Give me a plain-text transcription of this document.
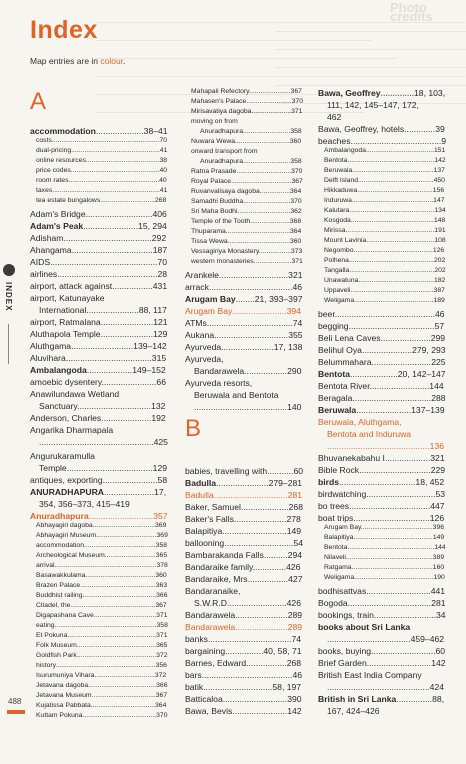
Photo credits
Index
Map entries are in colour.
INDEX
488
A
accommodation....................38–41
costs.........................................................70
dual-pricing...............................................41
online resources.......................................38
price codes...............................................40
room rates................................................40
taxes.........................................................41
tea estate bungalows.............................268
Adam's Bridge............................406
Adam's Peak.......................15, 294
Adisham.....................................292
Ahangama..................................187
AIDS.............................................70
airlines..........................................28
airport, attack against.................431
airport, Katunayake
International......................88, 117
airport, Ratmalana......................121
Aluthapola Temple......................129
Aluthgama..........................139–142
Aluvihara....................................315
Ambalangoda...................149–152
amoebic dysentery.......................66
Anawilundawa Wetland
Sanctuary...............................132
Anderson, Charles.....................192
Angarika Dharmapala
................................................425
Angurukaramulla
Temple....................................129
antiques, exporting.......................58
ANURADHAPURA.....................17,
354, 356–373, 415–419
Anuradhapura...........................357
Abhayagiri dagoba.................................369
Abhayagiri Museum................................369
accommodation......................................358
Archeological Museum...........................365
arrival......................................................378
Basawakkulama.....................................360
Brazen Palace........................................363
Buddhist railing.......................................366
Citadel, the.............................................367
Digapashana Cave.................................371
eating......................................................358
Et Pokuna...............................................371
Folk Museum..........................................365
Goldfish Park..........................................372
history.....................................................356
Isurumuniya Vihara................................372
Jetavana dagoba....................................366
Jetavana Museum..................................367
Kujatissa Pabbata..................................364
Kuttam Pokuna.......................................370
B
Mahapali Refectory......................367
Mahasen's Palace........................370
Mirisavatiya dagoba.....................371
moving on from
Anuradhapura.........................358
Nuwara Wewa.............................360
onward transport from
Anuradhapura.........................358
Ratna Prasade.............................370
Royal Palace................................367
Ruvanvalisaya dagoba................364
Samadhi Buddha.........................370
Sri Maha Bodhi............................362
Temple of the Tooth.....................368
Thuparama..................................364
Tissa Wewa.................................360
Vessagiriya Monastery.................373
western monasteries....................371
Arankele.............................321
arrack...................................46
Arugam Bay........21, 393–397
Arugam Bay.......................394
ATMs....................................74
Aukana...............................355
Ayurveda......................17, 138
Ayurveda,
Bandarawela..................290
Ayurveda resorts,
Beruwala and Bentota
.......................................140
babies, travelling with...........60
Badulla......................279–281
Badulla...............................281
Baker, Samuel....................268
Baker's Falls......................278
Balapitiya...........................149
ballooning.............................54
Bambarakanda Falls..........294
Bandaraike family..............426
Bandaraike, Mrs.................427
Bandaranaike,
S.W.R.D.........................426
Bandarawela......................289
Bandarawela......................289
banks...................................74
bargaining................40, 58, 71
Barnes, Edward.................268
bars......................................46
batik.............................58, 197
Batticaloa...........................390
Bawa, Bevis.......................142
Bawa, Geoffrey..............18, 103,
111, 142, 145–147, 172,
462
Bawa, Geoffrey, hotels.............39
beaches......................................9
Ambalangoda....................................151
Bentota..............................................142
Beruwala...........................................137
Delft Island........................................450
Hikkaduwa........................................156
Induruwa...........................................147
Kalutara.............................................134
Kosgoda............................................148
Mirissa...............................................191
Mount Lavinia....................................108
Negombo..........................................126
Polhena.............................................202
Tangalla.............................................202
Unawatuna........................................182
Uppaveli............................................387
Weligama..........................................189
beer..........................................46
begging....................................57
Beli Lena Caves.....................299
Belihul Oya.....................279, 293
Belummahara.........................225
Bentota....................20, 142–147
Bentota River.........................144
Beragala.................................288
Beruwala.......................137–139
Beruwala, Aluthgama,
Bentota and Induruwa
...........................................136
Bhuvanekabahu I...................321
Bible Rock..............................229
birds................................18, 452
birdwatching.............................53
bo trees..................................447
boat trips................................126
Arugam Bay......................................396
Balapitiya..........................................149
Bentota..............................................144
Nilaveli..............................................389
Ratgama...........................................160
Weligama..........................................190
bodhisattvas...........................441
Bogoda...................................281
bookings, train..........................34
books about Sri Lanka
...................................459–462
books, buying...........................60
Brief Garden...........................142
British East India Company
...........................................424
British in Sri Lanka...............88,
167, 424–426
